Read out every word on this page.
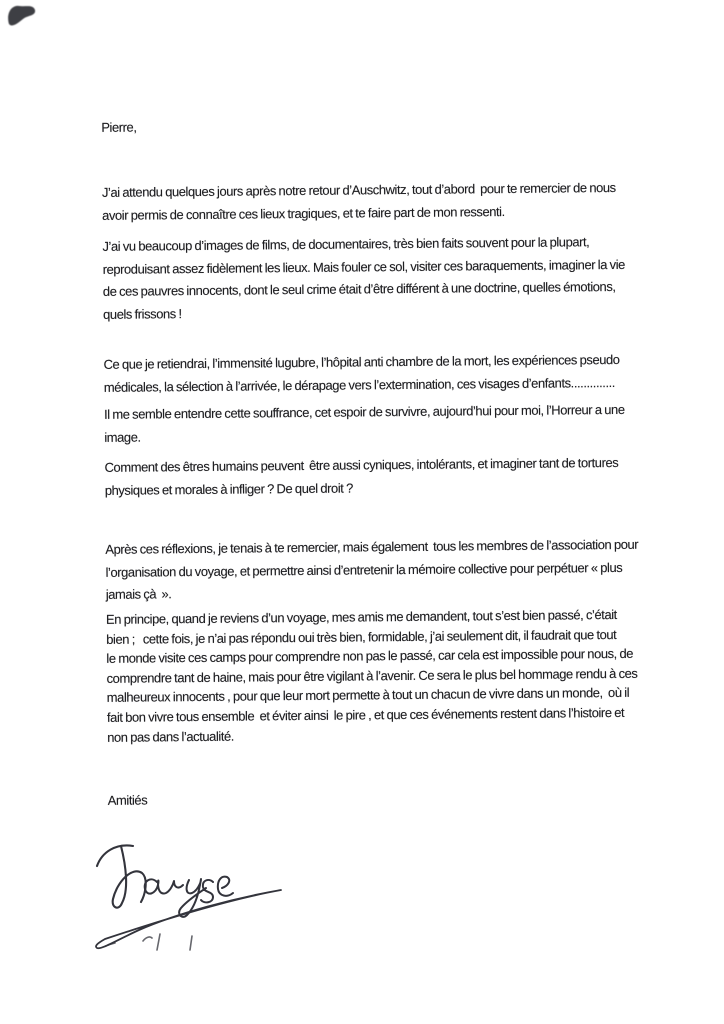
Pierre,
J’ai attendu quelques jours après notre retour d’Auschwitz, tout d’abord  pour te remercier de nous
avoir permis de connaître ces lieux tragiques, et te faire part de mon ressenti.
J’ai vu beaucoup d’images de films, de documentaires, très bien faits souvent pour la plupart,
reproduisant assez fidèlement les lieux. Mais fouler ce sol, visiter ces baraquements, imaginer la vie
de ces pauvres innocents, dont le seul crime était d’être différent à une doctrine, quelles émotions,
quels frissons !
Ce que je retiendrai, l’immensité lugubre, l’hôpital anti chambre de la mort, les expériences pseudo
médicales, la sélection à l’arrivée, le dérapage vers l’extermination, ces visages d’enfants..............
Il me semble entendre cette souffrance, cet espoir de survivre, aujourd’hui pour moi, l’Horreur a une
image.
Comment des êtres humains peuvent  être aussi cyniques, intolérants, et imaginer tant de tortures
physiques et morales à infliger ? De quel droit ?
Après ces réflexions, je tenais à te remercier, mais également  tous les membres de l’association pour
l’organisation du voyage, et permettre ainsi d’entretenir la mémoire collective pour perpétuer « plus
jamais çà  ».
En principe, quand je reviens d’un voyage, mes amis me demandent, tout s’est bien passé, c’était
bien ;   cette fois, je n’ai pas répondu oui très bien, formidable, j’ai seulement dit, il faudrait que tout
le monde visite ces camps pour comprendre non pas le passé, car cela est impossible pour nous, de
comprendre tant de haine, mais pour être vigilant à l’avenir. Ce sera le plus bel hommage rendu à ces
malheureux innocents , pour que leur mort permette à tout un chacun de vivre dans un monde,  où il
fait bon vivre tous ensemble  et éviter ainsi  le pire , et que ces événements restent dans l’histoire et
non pas dans l’actualité.
Amitiés
